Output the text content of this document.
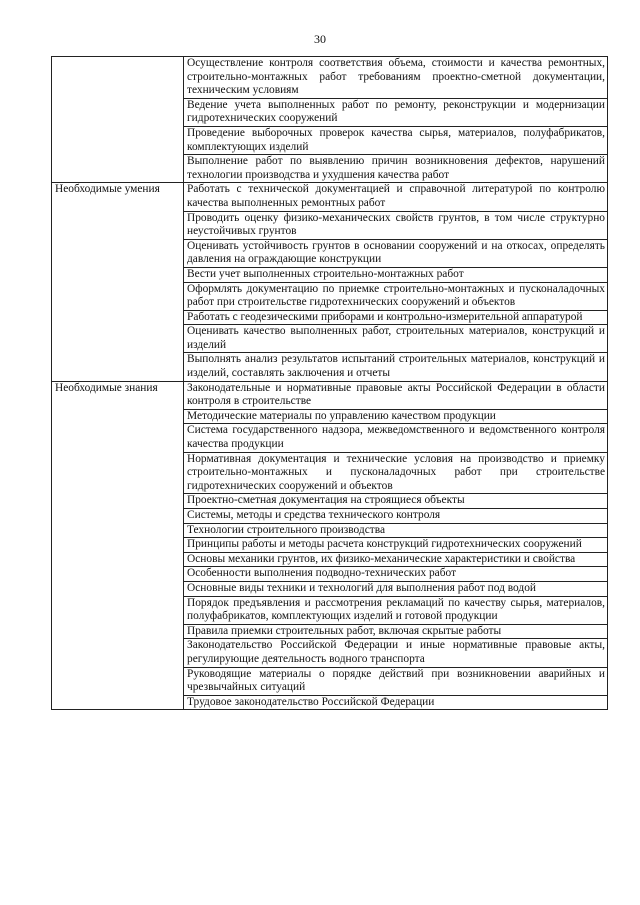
30
	Осуществление контроля соответствия объема, стоимости и качества ремонтных, строительно-монтажных работ требованиям проектно-сметной документации, техническим условиям
	Ведение учета выполненных работ по ремонту, реконструкции и модернизации гидротехнических сооружений
	Проведение выборочных проверок качества сырья, материалов, полуфабрикатов, комплектующих изделий
	Выполнение работ по выявлению причин возникновения дефектов, нарушений технологии производства и ухудшения качества работ
Необходимые умения	Работать с технической документацией и справочной литературой по контролю качества выполненных ремонтных работ
	Проводить оценку физико-механических свойств грунтов, в том числе структурно неустойчивых грунтов
	Оценивать устойчивость грунтов в основании сооружений и на откосах, определять давления на ограждающие конструкции
	Вести учет выполненных строительно-монтажных работ
	Оформлять документацию по приемке строительно-монтажных и пусконаладочных работ при строительстве гидротехнических сооружений и объектов
	Работать с геодезическими приборами и контрольно-измерительной аппаратурой
	Оценивать качество выполненных работ, строительных материалов, конструкций и изделий
	Выполнять анализ результатов испытаний строительных материалов, конструкций и изделий, составлять заключения и отчеты
Необходимые знания	Законодательные и нормативные правовые акты Российской Федерации в области контроля в строительстве
	Методические материалы по управлению качеством продукции
	Система государственного надзора, межведомственного и ведомственного контроля качества продукции
	Нормативная документация и технические условия на производство и приемку строительно-монтажных и пусконаладочных работ при строительстве гидротехнических сооружений и объектов
	Проектно-сметная документация на строящиеся объекты
	Системы, методы и средства технического контроля
	Технологии строительного производства
	Принципы работы и методы расчета конструкций гидротехнических сооружений
	Основы механики грунтов, их физико-механические характеристики и свойства
	Особенности выполнения подводно-технических работ
	Основные виды техники и технологий для выполнения работ под водой
	Порядок предъявления и рассмотрения рекламаций по качеству сырья, материалов, полуфабрикатов, комплектующих изделий и готовой продукции
	Правила приемки строительных работ, включая скрытые работы
	Законодательство Российской Федерации и иные нормативные правовые акты, регулирующие деятельность водного транспорта
	Руководящие материалы о порядке действий при возникновении аварийных и чрезвычайных ситуаций
	Трудовое законодательство Российской Федерации
